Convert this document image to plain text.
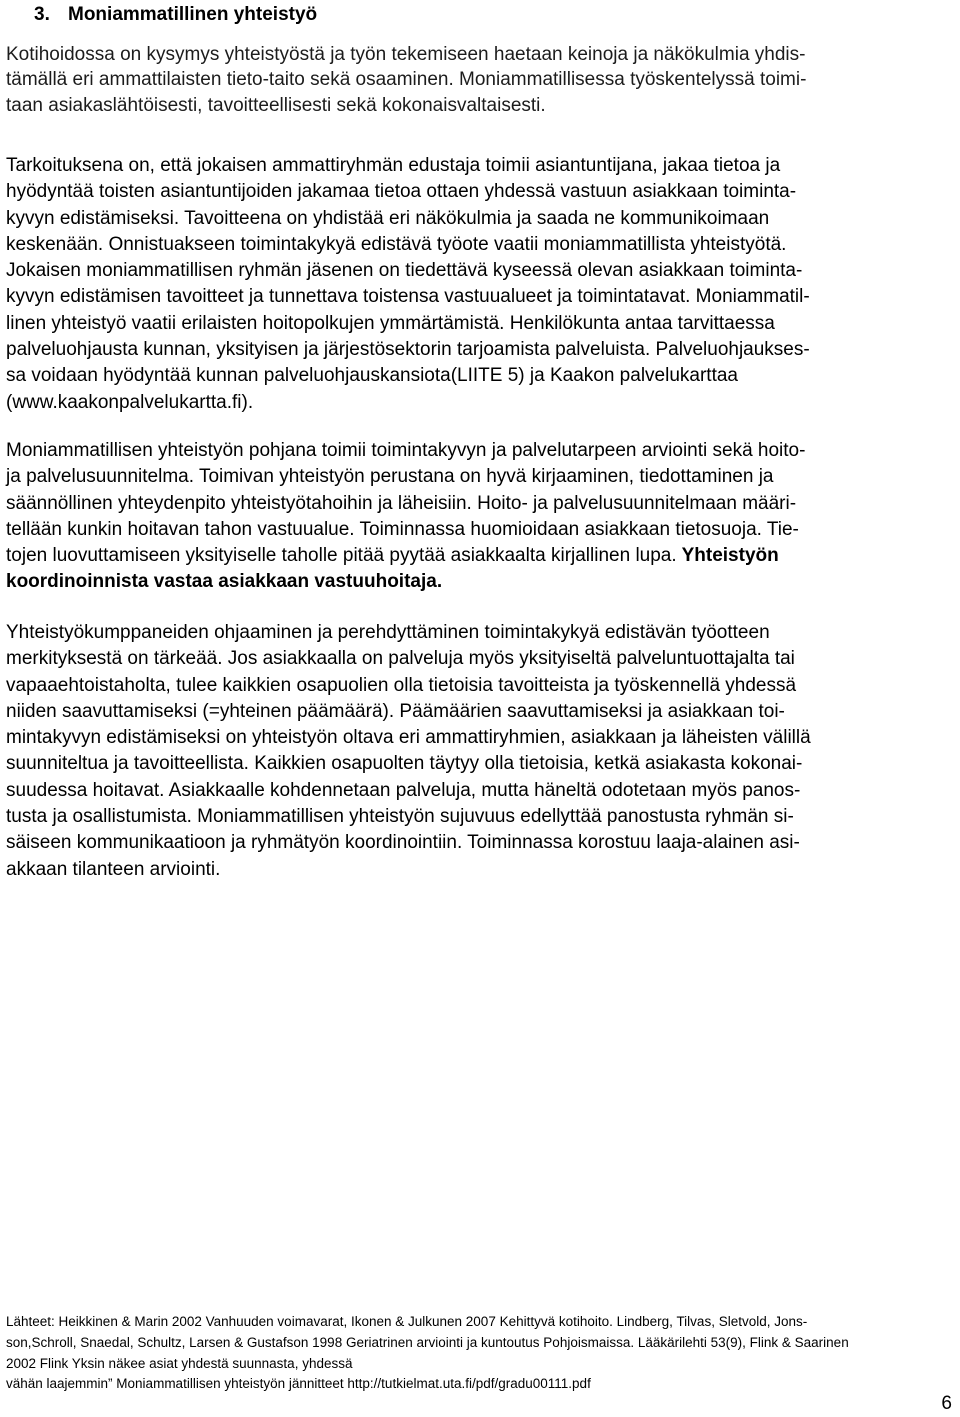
3. Moniammatillinen yhteistyö
Kotihoidossa on kysymys yhteistyöstä ja työn tekemiseen haetaan keinoja ja näkökulmia yhdis-
tämällä eri ammattilaisten tieto-taito sekä osaaminen. Moniammatillisessa työskentelyssä toimi-
taan asiakaslähtöisesti, tavoitteellisesti sekä kokonaisvaltaisesti.
Tarkoituksena on, että jokaisen ammattiryhmän edustaja toimii asiantuntijana, jakaa tietoa ja
hyödyntää toisten asiantuntijoiden jakamaa tietoa ottaen yhdessä vastuun asiakkaan toiminta-
kyvyn edistämiseksi. Tavoitteena on yhdistää eri näkökulmia ja saada ne kommunikoimaan
keskenään. Onnistuakseen toimintakykyä edistävä työote vaatii moniammatillista yhteistyötä.
Jokaisen moniammatillisen ryhmän jäsenen on tiedettävä kyseessä olevan asiakkaan toiminta-
kyvyn edistämisen tavoitteet ja tunnettava toistensa vastuualueet ja toimintatavat. Moniammatil-
linen yhteistyö vaatii erilaisten hoitopolkujen ymmärtämistä. Henkilökunta antaa tarvittaessa
palveluohjausta kunnan, yksityisen ja järjestösektorin tarjoamista palveluista. Palveluohjaukses-
sa voidaan hyödyntää kunnan palveluohjauskansiota(LIITE 5) ja Kaakon palvelukarttaa
(www.kaakonpalvelukartta.fi).
Moniammatillisen yhteistyön pohjana toimii toimintakyvyn ja palvelutarpeen arviointi sekä hoito-
ja palvelusuunnitelma. Toimivan yhteistyön perustana on hyvä kirjaaminen, tiedottaminen ja
säännöllinen yhteydenpito yhteistyötahoihin ja läheisiin. Hoito- ja palvelusuunnitelmaan määri-
tellään kunkin hoitavan tahon vastuualue. Toiminnassa huomioidaan asiakkaan tietosuoja. Tie-
tojen luovuttamiseen yksityiselle taholle pitää pyytää asiakkaalta kirjallinen lupa. Yhteistyön
koordinoinnista vastaa asiakkaan vastuuhoitaja.
Yhteistyökumppaneiden ohjaaminen ja perehdyttäminen toimintakykyä edistävän työotteen
merkityksestä on tärkeää. Jos asiakkaalla on palveluja myös yksityiseltä palveluntuottajalta tai
vapaaehtoistaholta, tulee kaikkien osapuolien olla tietoisia tavoitteista ja työskennellä yhdessä
niiden saavuttamiseksi (=yhteinen päämäärä). Päämäärien saavuttamiseksi ja asiakkaan toi-
mintakyvyn edistämiseksi on yhteistyön oltava eri ammattiryhmien, asiakkaan ja läheisten välillä
suunniteltua ja tavoitteellista. Kaikkien osapuolten täytyy olla tietoisia, ketkä asiakasta kokonai-
suudessa hoitavat. Asiakkaalle kohdennetaan palveluja, mutta häneltä odotetaan myös panos-
tusta ja osallistumista. Moniammatillisen yhteistyön sujuvuus edellyttää panostusta ryhmän si-
säiseen kommunikaatioon ja ryhmätyön koordinointiin. Toiminnassa korostuu laaja-alainen asi-
akkaan tilanteen arviointi.
Lähteet: Heikkinen & Marin 2002 Vanhuuden voimavarat, Ikonen & Julkunen 2007 Kehittyvä kotihoito. Lindberg, Tilvas, Sletvold, Jons-
son,Schroll, Snaedal, Schultz, Larsen & Gustafson 1998 Geriatrinen arviointi ja kuntoutus Pohjoismaissa. Lääkärilehti 53(9), Flink & Saarinen
2002 Flink Yksin näkee asiat yhdestä suunnasta, yhdessä
vähän laajemmin” Moniammatillisen yhteistyön jännitteet http://tutkielmat.uta.fi/pdf/gradu00111.pdf
6
